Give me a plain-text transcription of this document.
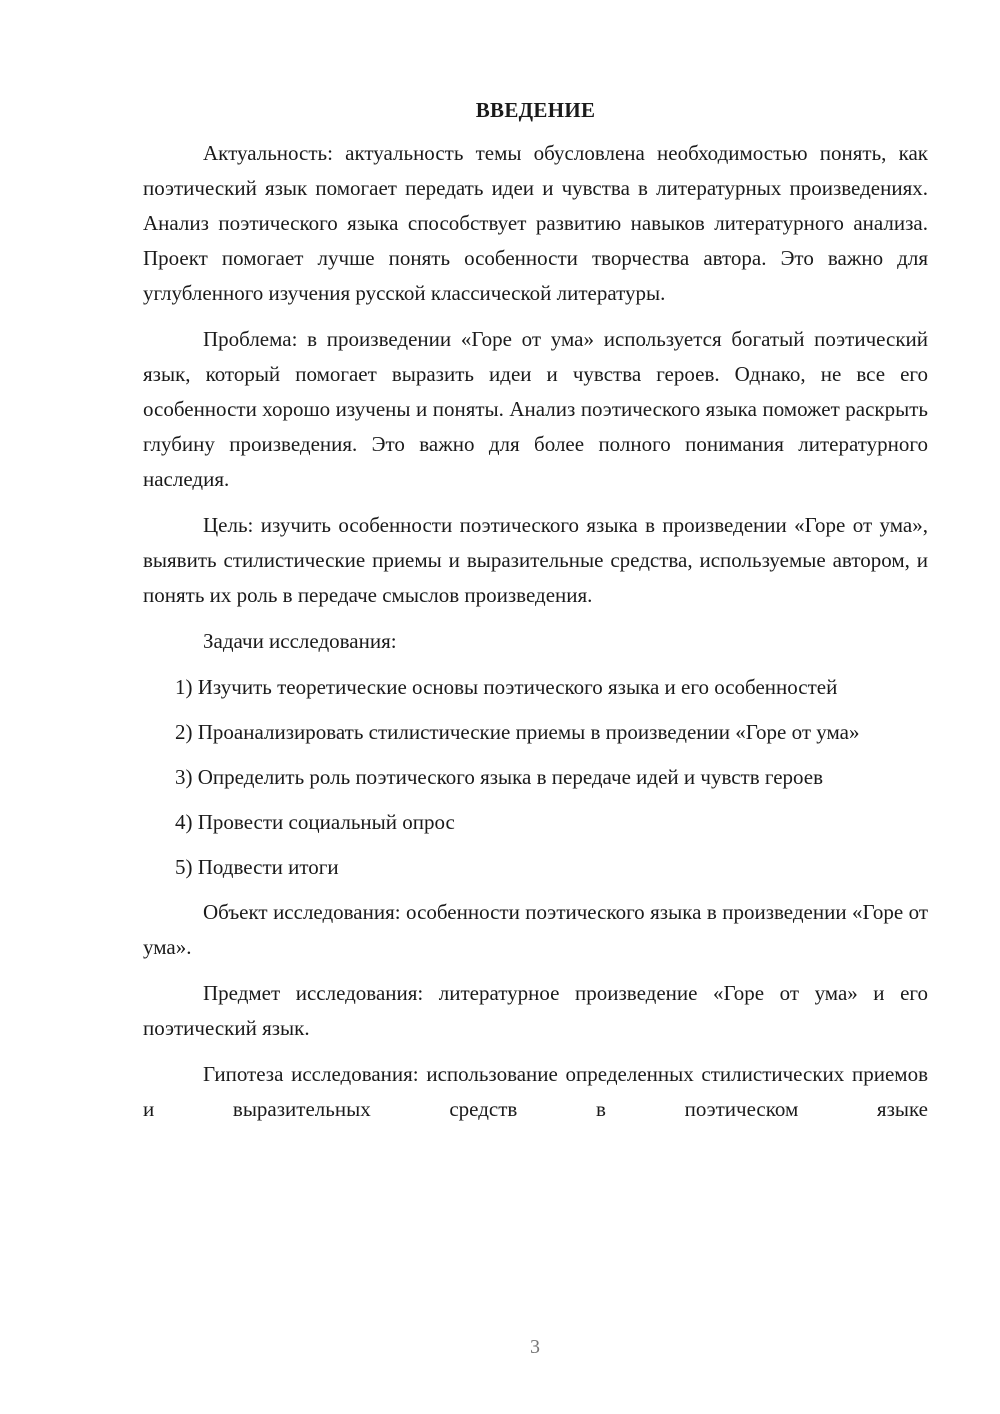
ВВЕДЕНИЕ

Актуальность: актуальность темы обусловлена необходимостью понять, как поэтический язык помогает передать идеи и чувства в литературных произведениях. Анализ поэтического языка способствует развитию навыков литературного анализа. Проект помогает лучше понять особенности творчества автора. Это важно для углубленного изучения русской классической литературы.

Проблема: в произведении «Горе от ума» используется богатый поэтический язык, который помогает выразить идеи и чувства героев. Однако, не все его особенности хорошо изучены и поняты. Анализ поэтического языка поможет раскрыть глубину произведения. Это важно для более полного понимания литературного наследия.

Цель: изучить особенности поэтического языка в произведении «Горе от ума», выявить стилистические приемы и выразительные средства, используемые автором, и понять их роль в передаче смыслов произведения.

Задачи исследования:

1) Изучить теоретические основы поэтического языка и его особенностей

2) Проанализировать стилистические приемы в произведении «Горе от ума»

3) Определить роль поэтического языка в передаче идей и чувств героев

4) Провести социальный опрос

5) Подвести итоги

Объект исследования: особенности поэтического языка в произведении «Горе от ума».

Предмет исследования: литературное произведение «Горе от ума» и его поэтический язык.

Гипотеза исследования: использование определенных стилистических приемов и выразительных средств в поэтическом языке

3
